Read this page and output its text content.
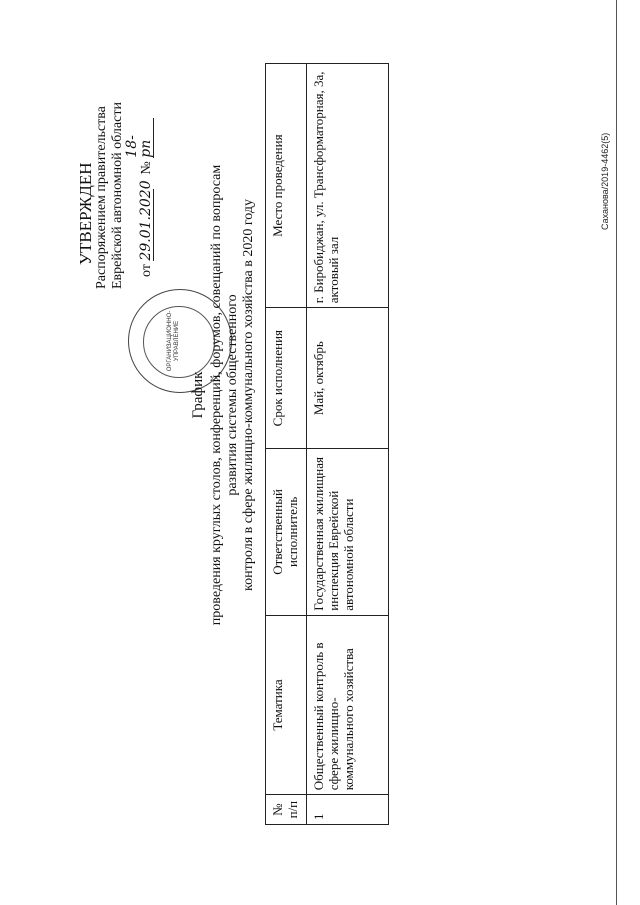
УТВЕРЖДЕН Распоряжением правительства Еврейской автономной области	от 29.01.2020    № 18-рп
ОРГАНИЗАЦИОННО- УПРАВЛЕНИЕ
График проведения круглых столов, конференций, форумов, совещаний по вопросам развития системы общественного контроля в сфере жилищно-коммунального хозяйства в 2020 году
№ п/п	Тематика	Ответственный исполнитель	Срок исполнения	Место проведения
1	Общественный контроль в сфере жилищно-коммунального хозяйства	Государственная жилищная инспекция Еврейской автономной области	Май, октябрь	г. Биробиджан, ул. Трансформаторная, 3а, актовый зал
Саханова/2019-4462(5)
